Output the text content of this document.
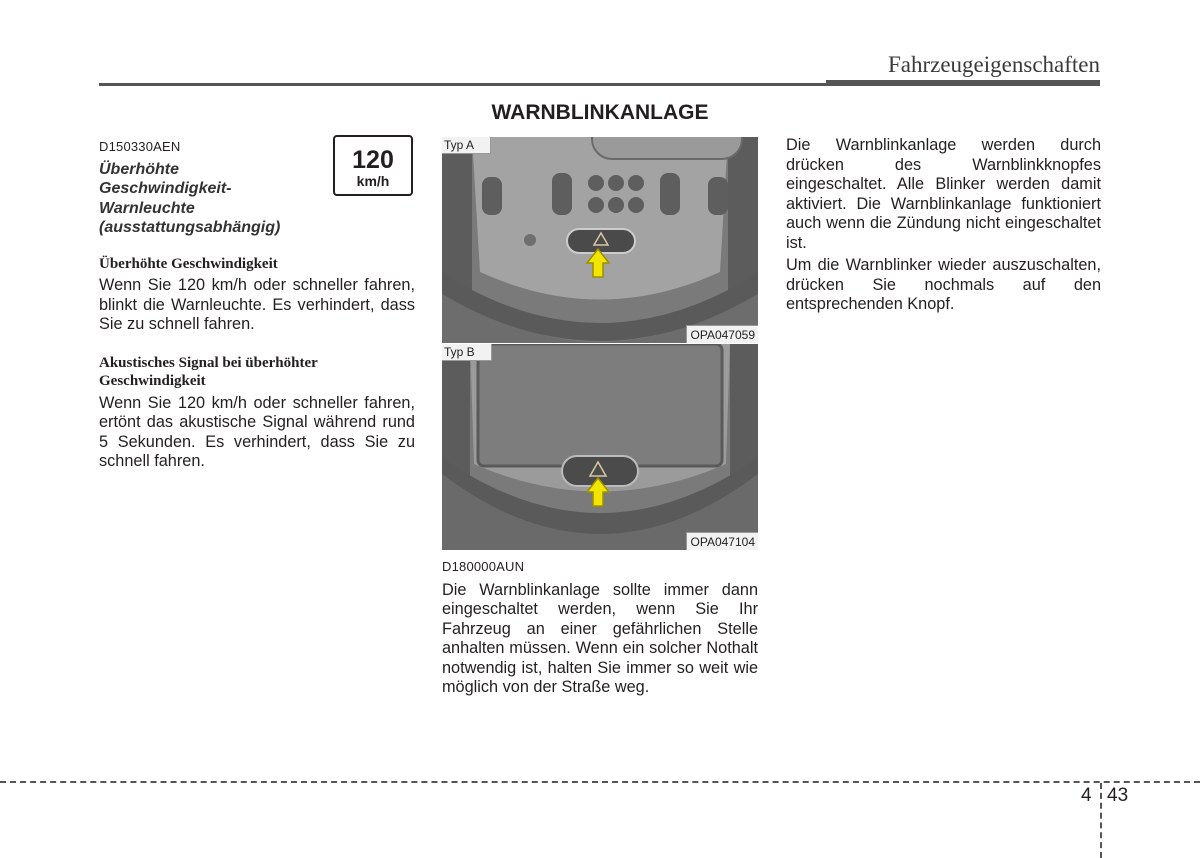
Fahrzeugeigenschaften
D150330AEN
Überhöhte
Geschwindigkeit-
Warnleuchte
(ausstattungsabhängig)
Überhöhte Geschwindigkeit
Wenn Sie 120 km/h oder schneller fahren, blinkt die Warnleuchte. Es verhindert, dass Sie zu schnell fahren.
Akustisches Signal bei überhöhter
Geschwindigkeit
Wenn Sie 120 km/h oder schneller fahren, ertönt das akustische Signal während rund 5 Sekunden. Es verhindert, dass Sie zu schnell fahren.
120
km/h
WARNBLINKANLAGE
Typ A
OPA047059
Typ B
OPA047104
D180000AUN
Die Warnblinkanlage sollte immer dann eingeschaltet werden, wenn Sie Ihr Fahrzeug an einer gefährlichen Stelle anhalten müssen. Wenn ein solcher Nothalt notwendig ist, halten Sie immer so weit wie möglich von der Straße weg.
Die Warnblinkanlage werden durch drücken des Warnblinkknopfes eingeschaltet. Alle Blinker werden damit aktiviert. Die Warnblinkanlage funktioniert auch wenn die Zündung nicht eingeschaltet ist.
Um die Warnblinker wieder auszuschalten, drücken Sie nochmals auf den entsprechenden Knopf.
4 43
